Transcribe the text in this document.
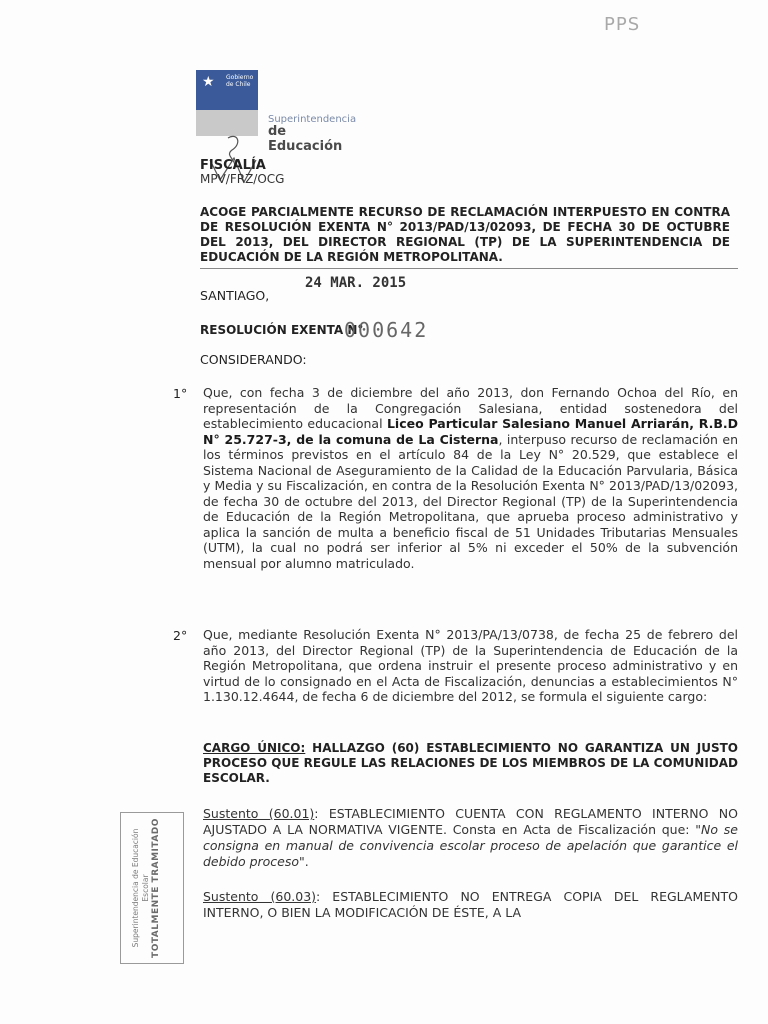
PPS
★	Gobierno de Chile
Superintendencia
de Educación
FISCALÍA
MPV/FRZ/OCG
ACOGE PARCIALMENTE RECURSO DE RECLAMACIÓN INTERPUESTO EN CONTRA DE RESOLUCIÓN EXENTA N° 2013/PAD/13/02093, DE FECHA 30 DE OCTUBRE DEL 2013, DEL DIRECTOR REGIONAL (TP) DE LA SUPERINTENDENCIA DE EDUCACIÓN DE LA REGIÓN METROPOLITANA.
SANTIAGO,
24 MAR. 2015
RESOLUCIÓN EXENTA N°
000642
CONSIDERANDO:
1° Que, con fecha 3 de diciembre del año 2013, don Fernando Ochoa del Río, en representación de la Congregación Salesiana, entidad sostenedora del establecimiento educacional Liceo Particular Salesiano Manuel Arriarán, R.B.D N° 25.727-3, de la comuna de La Cisterna, interpuso recurso de reclamación en los términos previstos en el artículo 84 de la Ley N° 20.529, que establece el Sistema Nacional de Aseguramiento de la Calidad de la Educación Parvularia, Básica y Media y su Fiscalización, en contra de la Resolución Exenta N° 2013/PAD/13/02093, de fecha 30 de octubre del 2013, del Director Regional (TP) de la Superintendencia de Educación de la Región Metropolitana, que aprueba proceso administrativo y aplica la sanción de multa a beneficio fiscal de 51 Unidades Tributarias Mensuales (UTM), la cual no podrá ser inferior al 5% ni exceder el 50% de la subvención mensual por alumno matriculado.
2° Que, mediante Resolución Exenta N° 2013/PA/13/0738, de fecha 25 de febrero del año 2013, del Director Regional (TP) de la Superintendencia de Educación de la Región Metropolitana, que ordena instruir el presente proceso administrativo y en virtud de lo consignado en el Acta de Fiscalización, denuncias a establecimientos N° 1.130.12.4644, de fecha 6 de diciembre del 2012, se formula el siguiente cargo:
CARGO ÚNICO: HALLAZGO (60) ESTABLECIMIENTO NO GARANTIZA UN JUSTO PROCESO QUE REGULE LAS RELACIONES DE LOS MIEMBROS DE LA COMUNIDAD ESCOLAR.
Sustento (60.01): ESTABLECIMIENTO CUENTA CON REGLAMENTO INTERNO NO AJUSTADO A LA NORMATIVA VIGENTE. Consta en Acta de Fiscalización que: "No se consigna en manual de convivencia escolar proceso de apelación que garantice el debido proceso".
Sustento (60.03): ESTABLECIMIENTO NO ENTREGA COPIA DEL REGLAMENTO INTERNO, O BIEN LA MODIFICACIÓN DE ÉSTE, A LA
Superintendencia de Educación Escolar TOTALMENTE TRAMITADO
